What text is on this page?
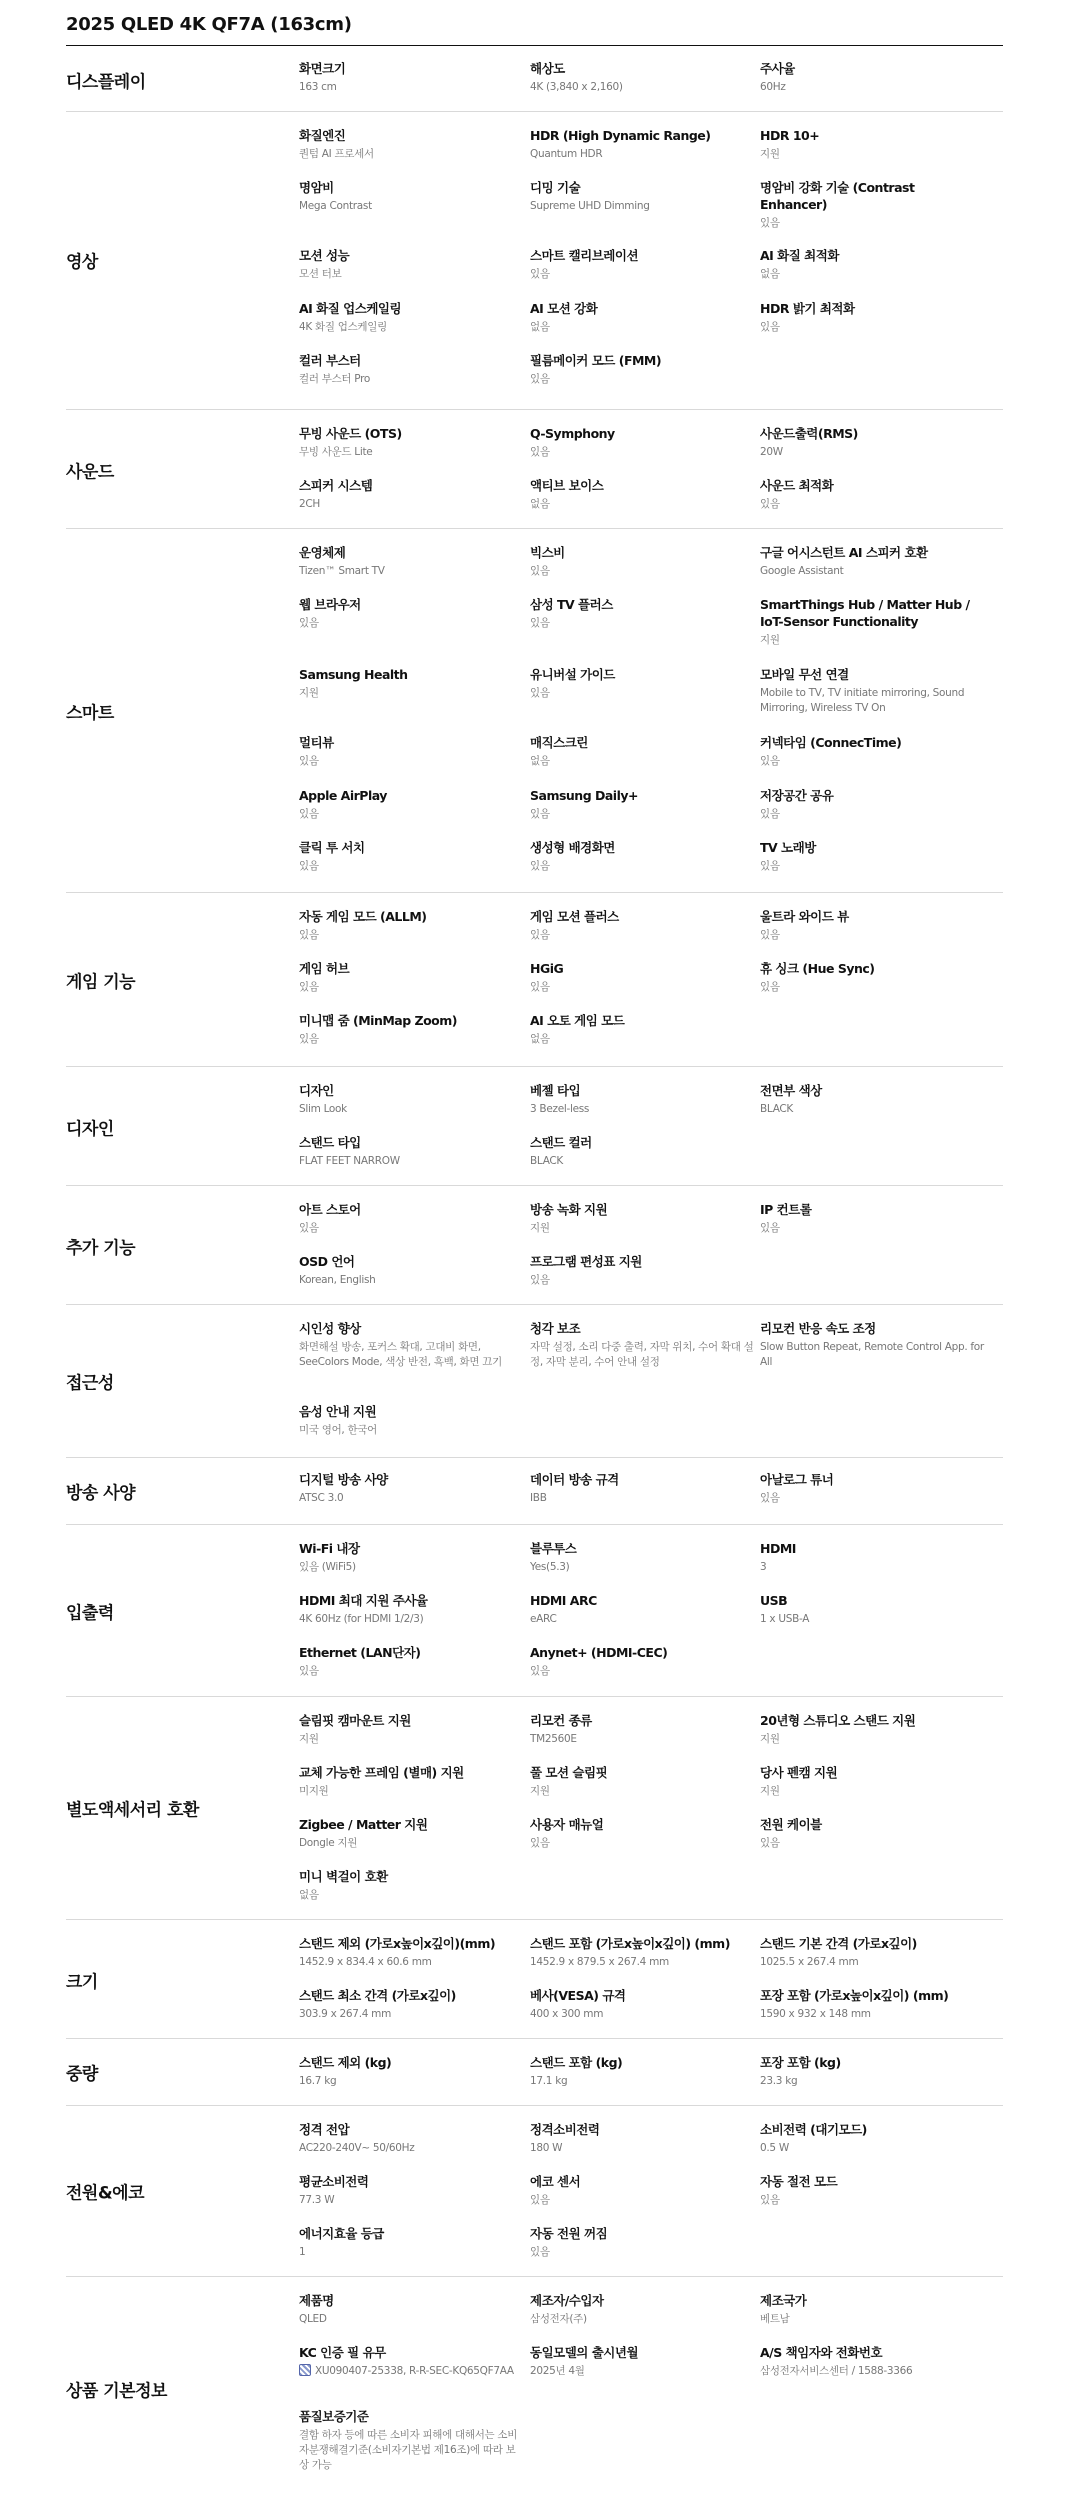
2025 QLED 4K QF7A (163cm)
디스플레이
화면크기
163 cm
해상도
4K (3,840 x 2,160)
주사율
60Hz
영상
화질엔진
퀀텀 AI 프로세서
HDR (High Dynamic Range)
Quantum HDR
HDR 10+
지원
명암비
Mega Contrast
디밍 기술
Supreme UHD Dimming
명암비 강화 기술 (Contrast Enhancer)
있음
모션 성능
모션 터보
스마트 캘리브레이션
있음
AI 화질 최적화
없음
AI 화질 업스케일링
4K 화질 업스케일링
AI 모션 강화
없음
HDR 밝기 최적화
있음
컬러 부스터
컬러 부스터 Pro
필름메이커 모드 (FMM)
있음
사운드
무빙 사운드 (OTS)
무빙 사운드 Lite
Q-Symphony
있음
사운드출력(RMS)
20W
스피커 시스템
2CH
액티브 보이스
없음
사운드 최적화
있음
스마트
운영체제
Tizen™ Smart TV
빅스비
있음
구글 어시스턴트 AI 스피커 호환
Google Assistant
웹 브라우저
있음
삼성 TV 플러스
있음
SmartThings Hub / Matter Hub / IoT-Sensor Functionality
지원
Samsung Health
지원
유니버설 가이드
있음
모바일 무선 연결
Mobile to TV, TV initiate mirroring, Sound Mirroring, Wireless TV On
멀티뷰
있음
매직스크린
없음
커넥타임 (ConnecTime)
있음
Apple AirPlay
있음
Samsung Daily+
있음
저장공간 공유
있음
클릭 투 서치
있음
생성형 배경화면
있음
TV 노래방
있음
게임 기능
자동 게임 모드 (ALLM)
있음
게임 모션 플러스
있음
울트라 와이드 뷰
있음
게임 허브
있음
HGiG
있음
휴 싱크 (Hue Sync)
있음
미니맵 줌 (MinMap Zoom)
있음
AI 오토 게임 모드
없음
디자인
디자인
Slim Look
베젤 타입
3 Bezel-less
전면부 색상
BLACK
스탠드 타입
FLAT FEET NARROW
스탠드 컬러
BLACK
추가 기능
아트 스토어
있음
방송 녹화 지원
지원
IP 컨트롤
있음
OSD 언어
Korean, English
프로그램 편성표 지원
있음
접근성
시인성 향상
화면해설 방송, 포커스 확대, 고대비 화면, SeeColors Mode, 색상 반전, 흑백, 화면 끄기
청각 보조
자막 설정, 소리 다중 출력, 자막 위치, 수어 확대 설정, 자막 분리, 수어 안내 설정
리모컨 반응 속도 조정
Slow Button Repeat, Remote Control App. for All
음성 안내 지원
미국 영어, 한국어
방송 사양
디지털 방송 사양
ATSC 3.0
데이터 방송 규격
IBB
아날로그 튜너
있음
입출력
Wi-Fi 내장
있음 (WiFi5)
블루투스
Yes(5.3)
HDMI
3
HDMI 최대 지원 주사율
4K 60Hz (for HDMI 1/2/3)
HDMI ARC
eARC
USB
1 x USB-A
Ethernet (LAN단자)
있음
Anynet+ (HDMI-CEC)
있음
별도액세서리 호환
슬림핏 캠마운트 지원
지원
리모컨 종류
TM2560E
20년형 스튜디오 스탠드 지원
지원
교체 가능한 프레임 (별매) 지원
미지원
풀 모션 슬림핏
지원
당사 펜캠 지원
지원
Zigbee / Matter 지원
Dongle 지원
사용자 매뉴얼
있음
전원 케이블
있음
미니 벽걸이 호환
없음
크기
스탠드 제외 (가로x높이x깊이)(mm)
1452.9 x 834.4 x 60.6 mm
스탠드 포함 (가로x높이x깊이) (mm)
1452.9 x 879.5 x 267.4 mm
스탠드 기본 간격 (가로x깊이)
1025.5 x 267.4 mm
스탠드 최소 간격 (가로x깊이)
303.9 x 267.4 mm
베사(VESA) 규격
400 x 300 mm
포장 포함 (가로x높이x깊이) (mm)
1590 x 932 x 148 mm
중량
스탠드 제외 (kg)
16.7 kg
스탠드 포함 (kg)
17.1 kg
포장 포함 (kg)
23.3 kg
전원&에코
정격 전압
AC220-240V~ 50/60Hz
정격소비전력
180 W
소비전력 (대기모드)
0.5 W
평균소비전력
77.3 W
에코 센서
있음
자동 절전 모드
있음
에너지효율 등급
1
자동 전원 꺼짐
있음
상품 기본정보
제품명
QLED
제조자/수입자
삼성전자(주)
제조국가
베트남
KC 인증 필 유무
XU090407-25338, R-R-SEC-KQ65QF7AA
동일모델의 출시년월
2025년 4월
A/S 책임자와 전화번호
삼성전자서비스센터 / 1588-3366
품질보증기준
결함 하자 등에 따른 소비자 피해에 대해서는 소비자분쟁해결기준(소비자기본법 제16조)에 따라 보상 가능
